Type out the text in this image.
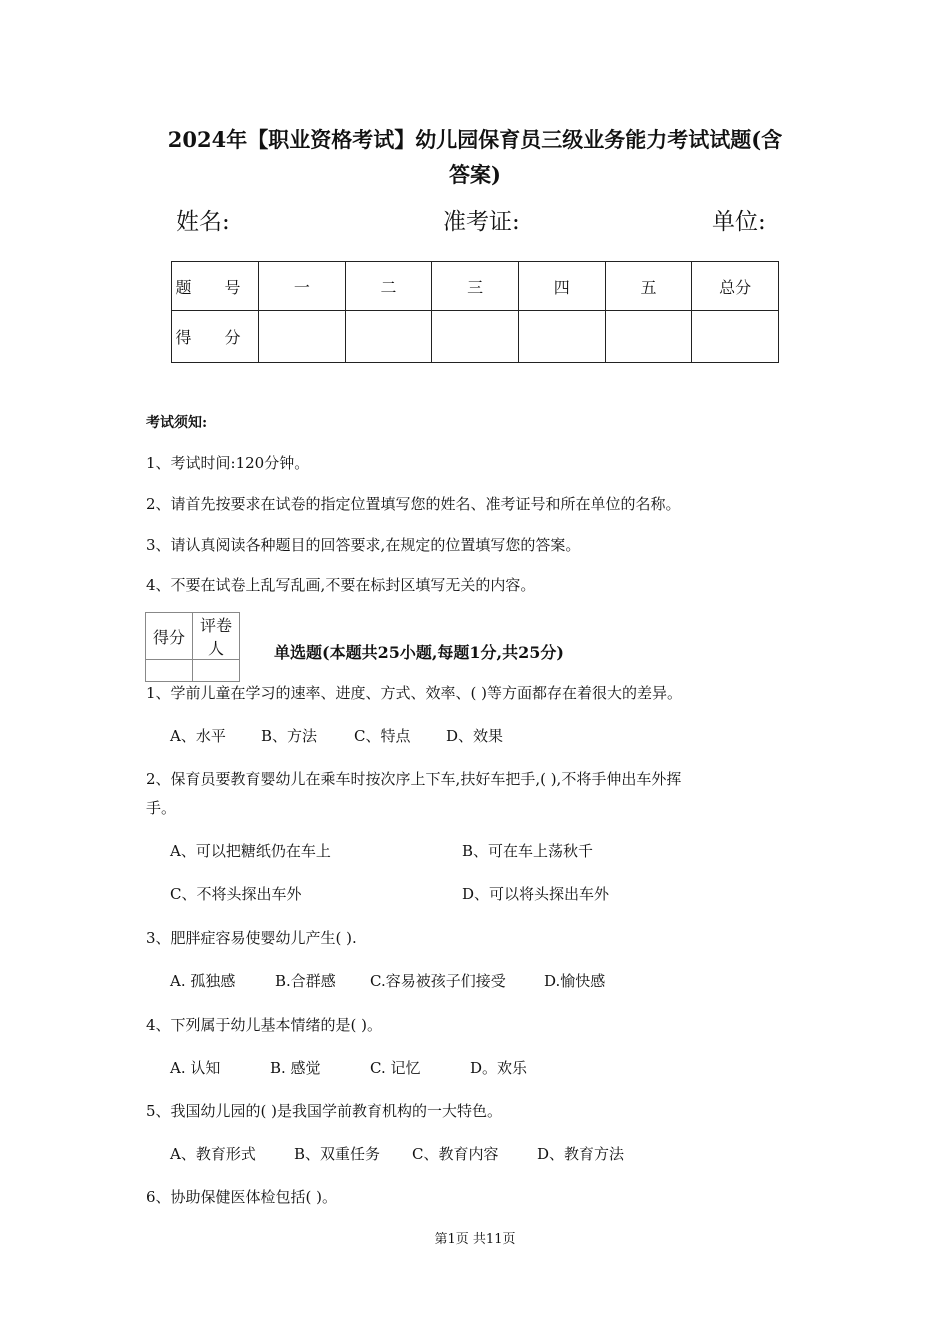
2024年【职业资格考试】幼儿园保育员三级业务能力考试试题(含
答案)
姓名:	准考证:	单位:
题 号	一	二	三	四	五	总分
得 分						
考试须知:
1、考试时间:120分钟。
2、请首先按要求在试卷的指定位置填写您的姓名、准考证号和所在单位的名称。
3、请认真阅读各种题目的回答要求,在规定的位置填写您的答案。
4、不要在试卷上乱写乱画,不要在标封区填写无关的内容。
得分	评卷人
		单选题(本题共25小题,每题1分,共25分)
1、学前儿童在学习的速率、进度、方式、效率、( )等方面都存在着很大的差异。
A、水平 B、方法 C、特点 D、效果
2、保育员要教育婴幼儿在乘车时按次序上下车,扶好车把手,( ),不将手伸出车外挥
手。
A、可以把糖纸仍在车上	B、可在车上荡秋千
C、不将头探出车外	D、可以将头探出车外
3、肥胖症容易使婴幼儿产生( ).
A. 孤独感	B.合群感 C.容易被孩子们接受	D.愉快感
4、下列属于幼儿基本情绪的是( )。
A. 认知	B. 感觉	C. 记忆	D。欢乐
5、我国幼儿园的( )是我国学前教育机构的一大特色。
A、教育形式	B、双重任务 C、教育内容	D、教育方法
6、协助保健医体检包括( )。
第1页 共11页
